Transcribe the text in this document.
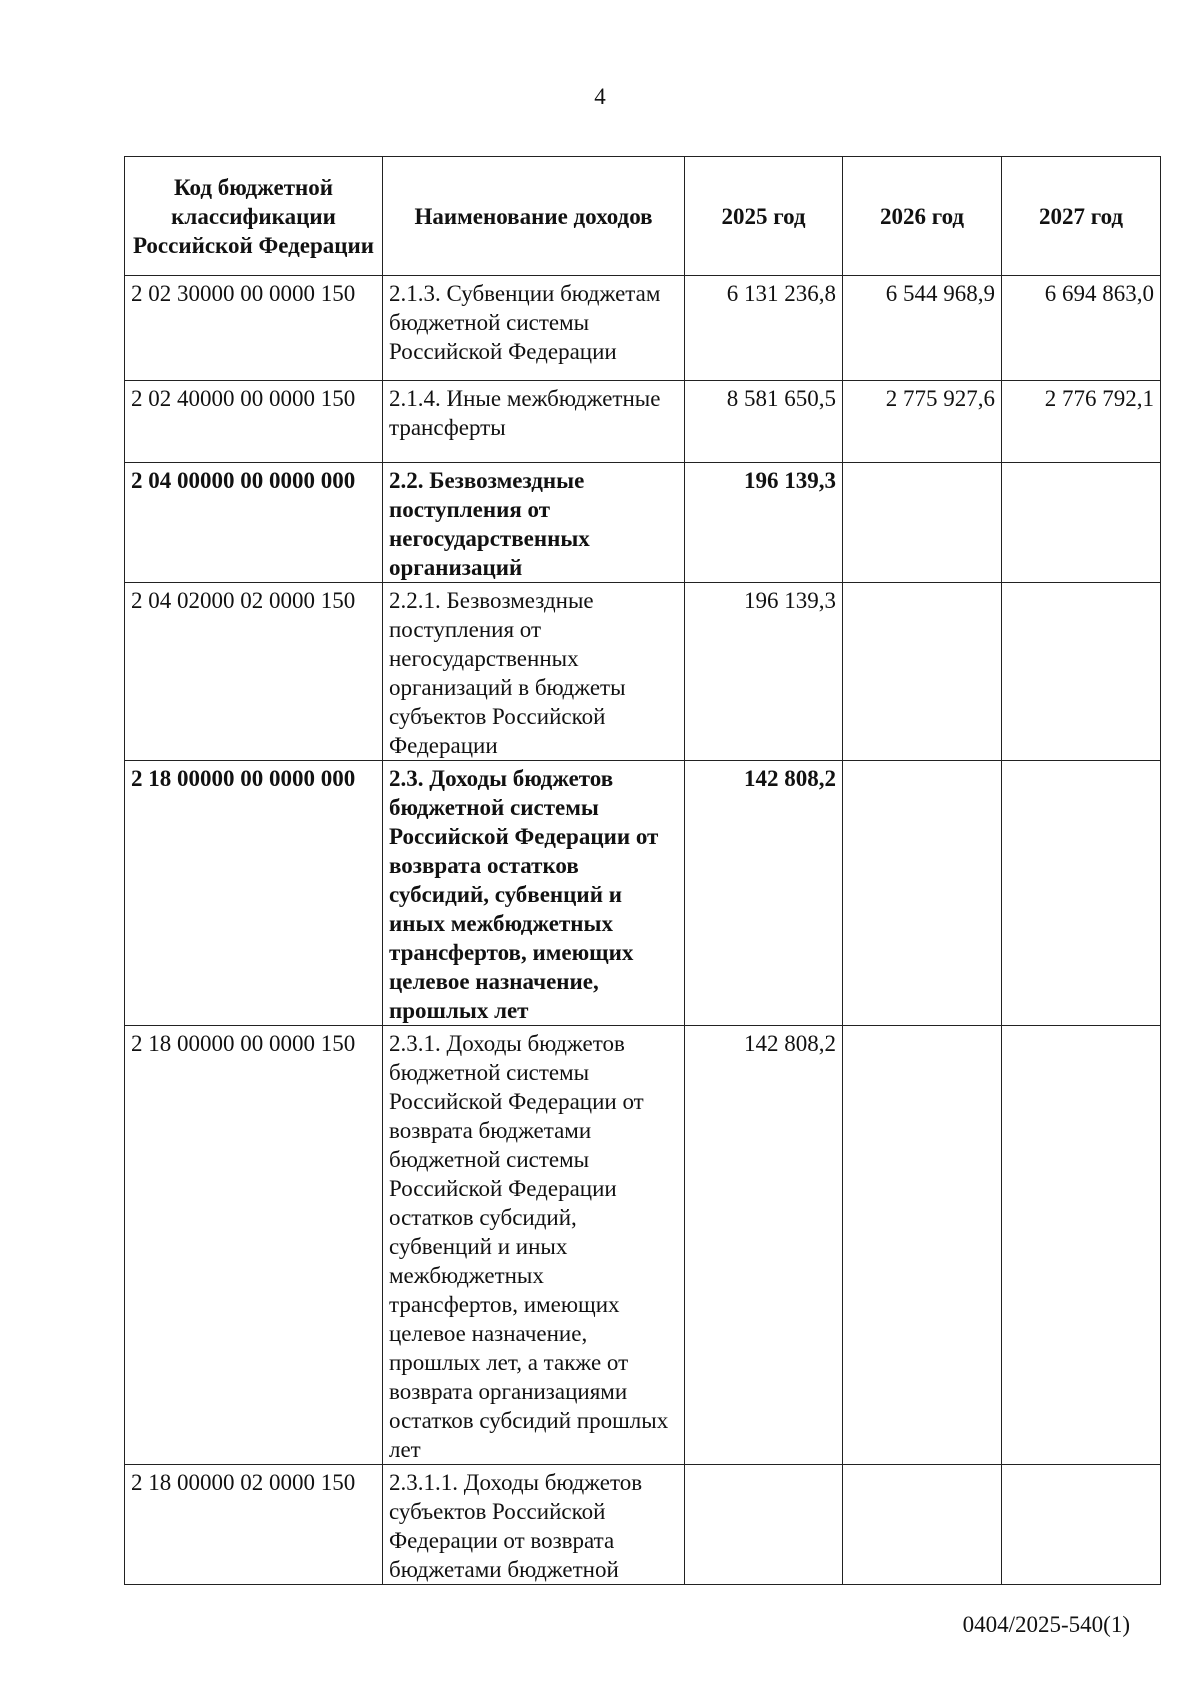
4
Код бюджетной классификации Российской Федерации	Наименование доходов	2025 год	2026 год	2027 год
2 02 30000 00 0000 150	2.1.3. Субвенции бюджетам бюджетной системы Российской Федерации	6 131 236,8	6 544 968,9	6 694 863,0
2 02 40000 00 0000 150	2.1.4. Иные межбюджетные трансферты	8 581 650,5	2 775 927,6	2 776 792,1
2 04 00000 00 0000 000	2.2. Безвозмездные поступления от негосударственных организаций	196 139,3		
2 04 02000 02 0000 150	2.2.1. Безвозмездные поступления от негосударственных организаций в бюджеты субъектов Российской Федерации	196 139,3		
2 18 00000 00 0000 000	2.3. Доходы бюджетов бюджетной системы Российской Федерации от возврата остатков субсидий, субвенций и иных межбюджетных трансфертов, имеющих целевое назначение, прошлых лет	142 808,2		
2 18 00000 00 0000 150	2.3.1. Доходы бюджетов бюджетной системы Российской Федерации от возврата бюджетами бюджетной системы Российской Федерации остатков субсидий, субвенций и иных межбюджетных трансфертов, имеющих целевое назначение, прошлых лет, а также от возврата организациями остатков субсидий прошлых лет	142 808,2		
2 18 00000 02 0000 150	2.3.1.1. Доходы бюджетов субъектов Российской Федерации от возврата бюджетами бюджетной			
0404/2025-540(1)
